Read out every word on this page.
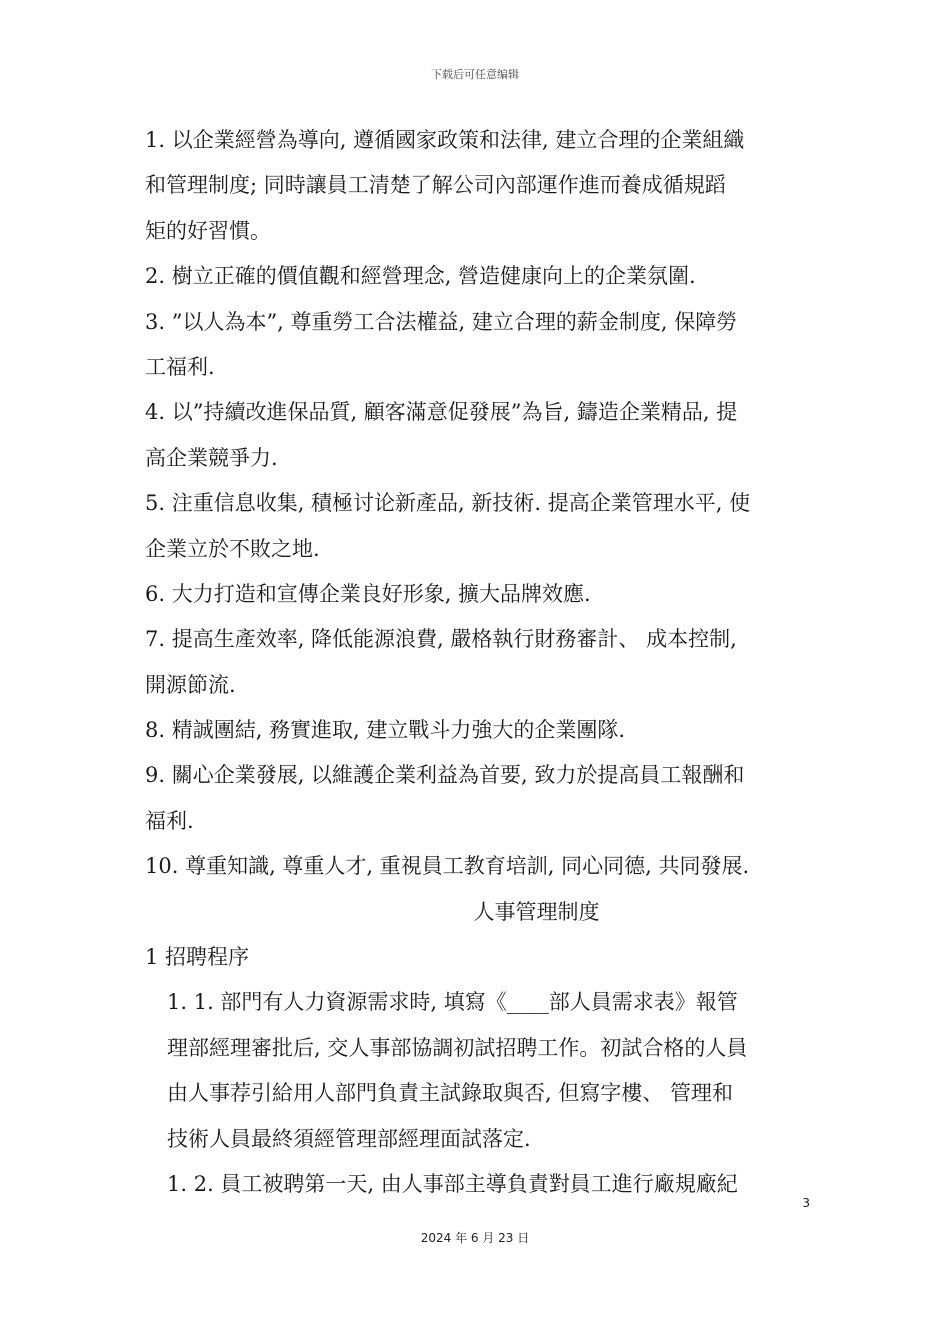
下载后可任意编辑
1. 以企業經營為導向, 遵循國家政策和法律, 建立合理的企業組織
和管理制度; 同時讓員工清楚了解公司內部運作進而養成循規蹈
矩的好習慣。
2. 樹立正確的價值觀和經營理念, 營造健康向上的企業氛圍.
3. ”以人為本”, 尊重勞工合法權益, 建立合理的薪金制度, 保障勞
工福利.
4. 以”持續改進保品質, 顧客滿意促發展”為旨, 鑄造企業精品, 提
高企業競爭力.
5. 注重信息收集, 積極讨论新產品, 新技術. 提高企業管理水平, 使
企業立於不敗之地.
6. 大力打造和宣傳企業良好形象, 擴大品牌效應.
7. 提高生產效率, 降低能源浪費, 嚴格執行財務審計、 成本控制,
開源節流.
8. 精誠團結, 務實進取, 建立戰斗力強大的企業團隊.
9. 關心企業發展, 以維護企業利益為首要, 致力於提高員工報酬和
福利.
10. 尊重知識, 尊重人才, 重視員工教育培訓, 同心同德, 共同發展.
人事管理制度
1 招聘程序
1. 1. 部門有人力資源需求時, 填寫《____部人員需求表》報管
理部經理審批后, 交人事部協調初試招聘工作。初試合格的人員
由人事荐引給用人部門負責主試錄取與否, 但寫字樓、 管理和
技術人員最終須經管理部經理面試落定.
1. 2. 員工被聘第一天, 由人事部主導負責對員工進行廠規廠紀
3
2024 年 6 月 23 日
